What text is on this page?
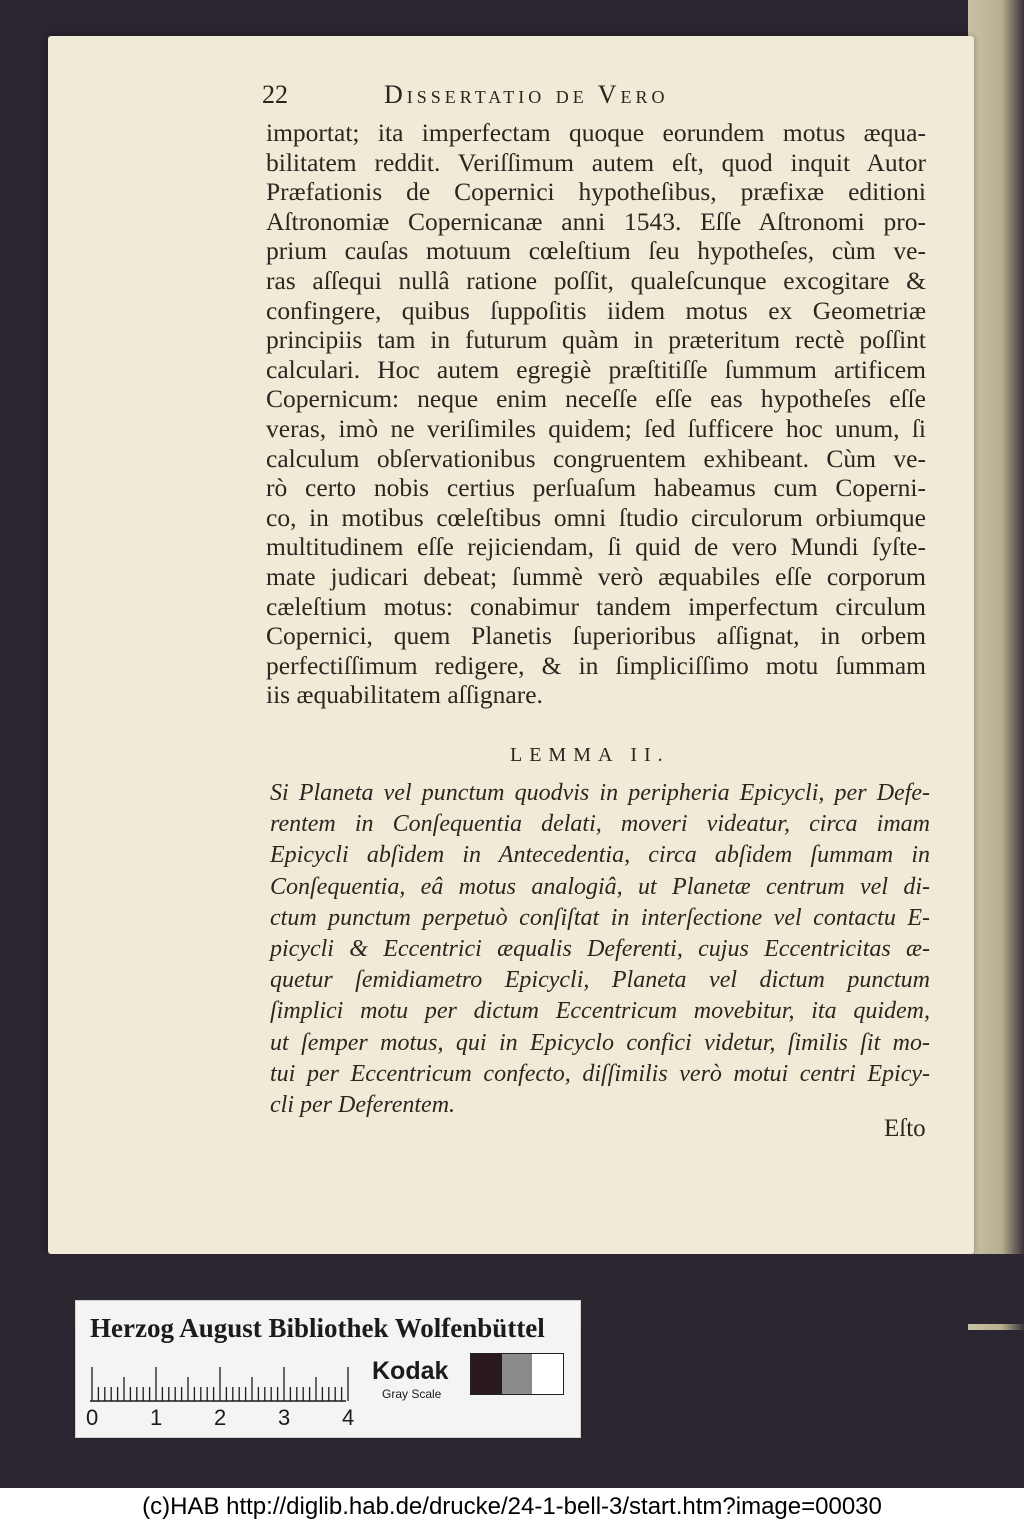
22	Dissertatio de Vero
importat; ita imperfectam quoque eorundem motus æqua-
bilitatem reddit. Veriſſimum autem eſt, quod inquit Autor
Præfationis de Copernici hypotheſibus, præfixæ editioni
Aſtronomiæ Copernicanæ anni 1543. Eſſe Aſtronomi pro-
prium cauſas motuum cœleſtium ſeu hypotheſes, cùm ve-
ras aſſequi nullâ ratione poſſit, qualeſcunque excogitare &
confingere, quibus ſuppoſitis iidem motus ex Geometriæ
principiis tam in futurum quàm in præteritum rectè poſſint
calculari. Hoc autem egregiè præſtitiſſe ſummum artificem
Copernicum: neque enim neceſſe eſſe eas hypotheſes eſſe
veras, imò ne veriſimiles quidem; ſed ſufficere hoc unum, ſi
calculum obſervationibus congruentem exhibeant. Cùm ve-
rò certo nobis certius perſuaſum habeamus cum Coperni-
co, in motibus cœleſtibus omni ſtudio circulorum orbiumque
multitudinem eſſe rejiciendam, ſi quid de vero Mundi ſyſte-
mate judicari debeat; ſummè verò æquabiles eſſe corporum
cæleſtium motus: conabimur tandem imperfectum circulum
Copernici, quem Planetis ſuperioribus aſſignat, in orbem
perfectiſſimum redigere, & in ſimpliciſſimo motu ſummam
iis æquabilitatem aſſignare.
LEMMA II.
Si Planeta vel punctum quodvis in peripheria Epicycli, per Defe-
rentem in Conſequentia delati, moveri videatur, circa imam
Epicycli abſidem in Antecedentia, circa abſidem ſummam in
Conſequentia, eâ motus analogiâ, ut Planetæ centrum vel di-
ctum punctum perpetuò conſiſtat in interſectione vel contactu E-
picycli & Eccentrici æqualis Deferenti, cujus Eccentricitas æ-
quetur ſemidiametro Epicycli, Planeta vel dictum punctum
ſimplici motu per dictum Eccentricum movebitur, ita quidem,
ut ſemper motus, qui in Epicyclo confici videtur, ſimilis ſit mo-
tui per Eccentricum confecto, diſſimilis verò motui centri Epicy-
cli per Deferentem.
Eſto
Herzog August Bibliothek Wolfenbüttel
0 1 2 3 4
Kodak
Gray Scale
(c)HAB http://diglib.hab.de/drucke/24-1-bell-3/start.htm?image=00030
